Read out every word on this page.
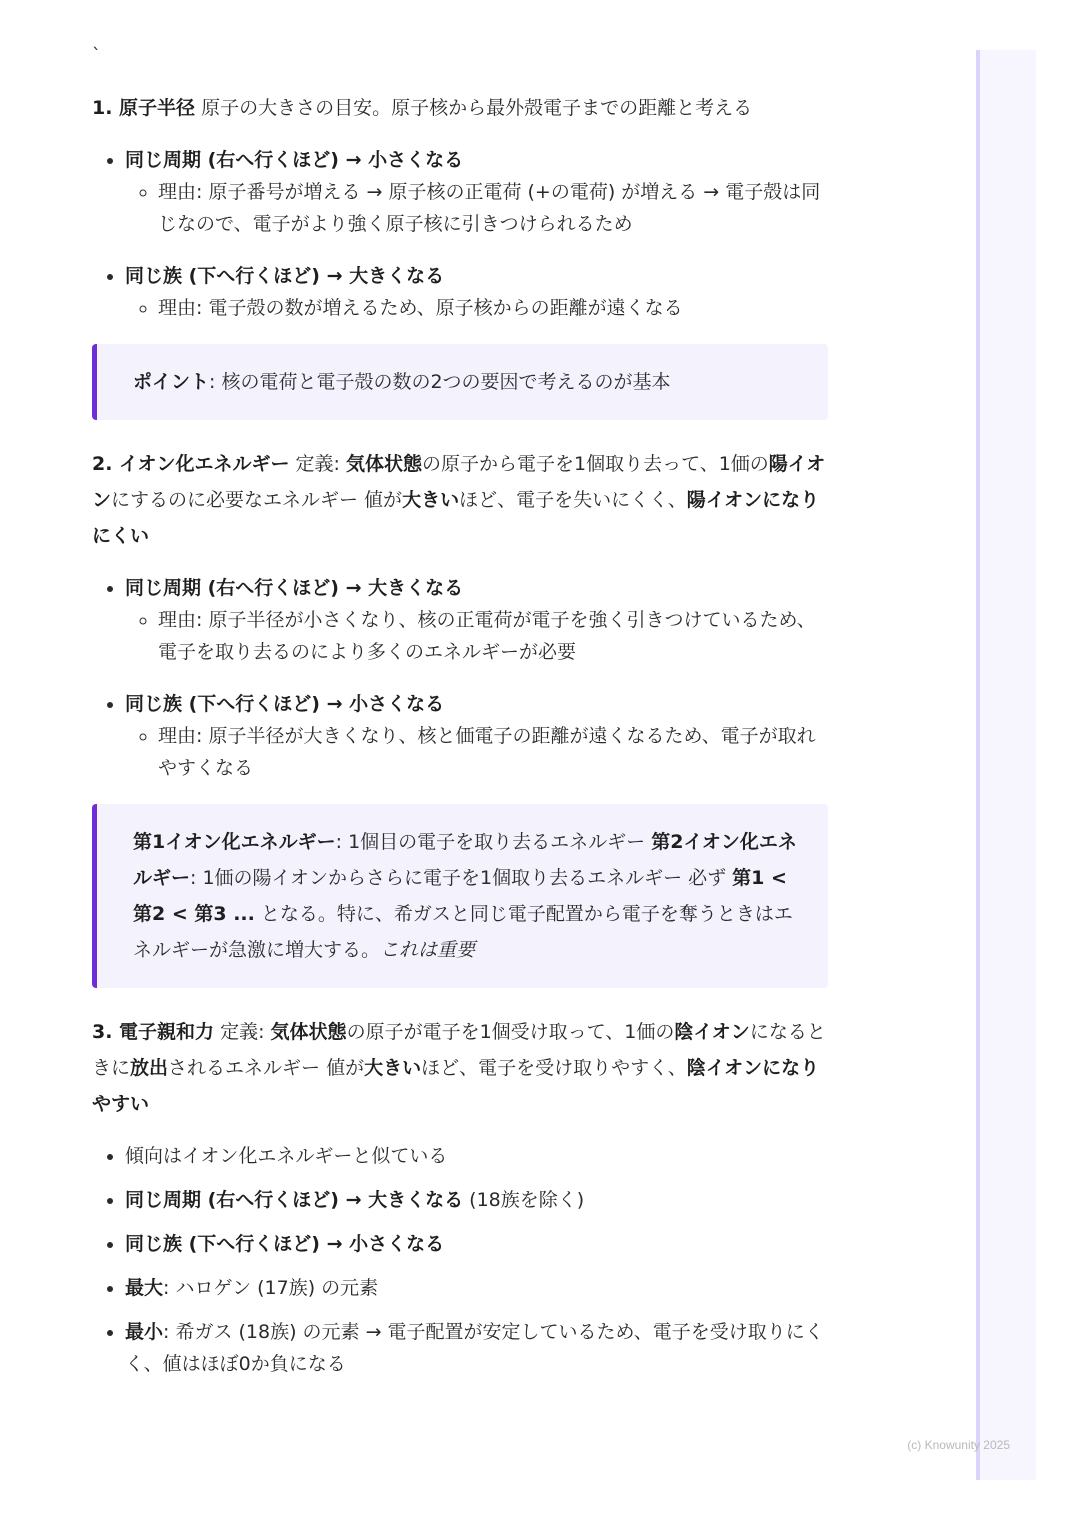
`

1. 原子半径 原子の大きさの目安。原子核から最外殻電子までの距離と考える

• 同じ周期 (右へ行くほど) → 小さくなる
◦ 理由: 原子番号が増える → 原子核の正電荷 (+の電荷) が増える → 電子殻は同じなので、電子がより強く原子核に引きつけられるため
• 同じ族 (下へ行くほど) → 大きくなる
◦ 理由: 電子殻の数が増えるため、原子核からの距離が遠くなる
ポイント: 核の電荷と電子殻の数の2つの要因で考えるのが基本

2. イオン化エネルギー 定義: 気体状態の原子から電子を1個取り去って、1価の陽イオンにするのに必要なエネルギー 値が大きいほど、電子を失いにくく、陽イオンになりにくい

• 同じ周期 (右へ行くほど) → 大きくなる
◦ 理由: 原子半径が小さくなり、核の正電荷が電子を強く引きつけているため、電子を取り去るのにより多くのエネルギーが必要
• 同じ族 (下へ行くほど) → 小さくなる
◦ 理由: 原子半径が大きくなり、核と価電子の距離が遠くなるため、電子が取れやすくなる
第1イオン化エネルギー: 1個目の電子を取り去るエネルギー 第2イオン化エネルギー: 1価の陽イオンからさらに電子を1個取り去るエネルギー 必ず 第1 < 第2 < 第3 ... となる。特に、希ガスと同じ電子配置から電子を奪うときはエネルギーが急激に増大する。これは重要

3. 電子親和力 定義: 気体状態の原子が電子を1個受け取って、1価の陰イオンになるときに放出されるエネルギー 値が大きいほど、電子を受け取りやすく、陰イオンになりやすい

• 傾向はイオン化エネルギーと似ている
• 同じ周期 (右へ行くほど) → 大きくなる (18族を除く)
• 同じ族 (下へ行くほど) → 小さくなる
• 最大: ハロゲン (17族) の元素
• 最小: 希ガス (18族) の元素 → 電子配置が安定しているため、電子を受け取りにくく、値はほぼ0か負になる
(c) Knowunity 2025
